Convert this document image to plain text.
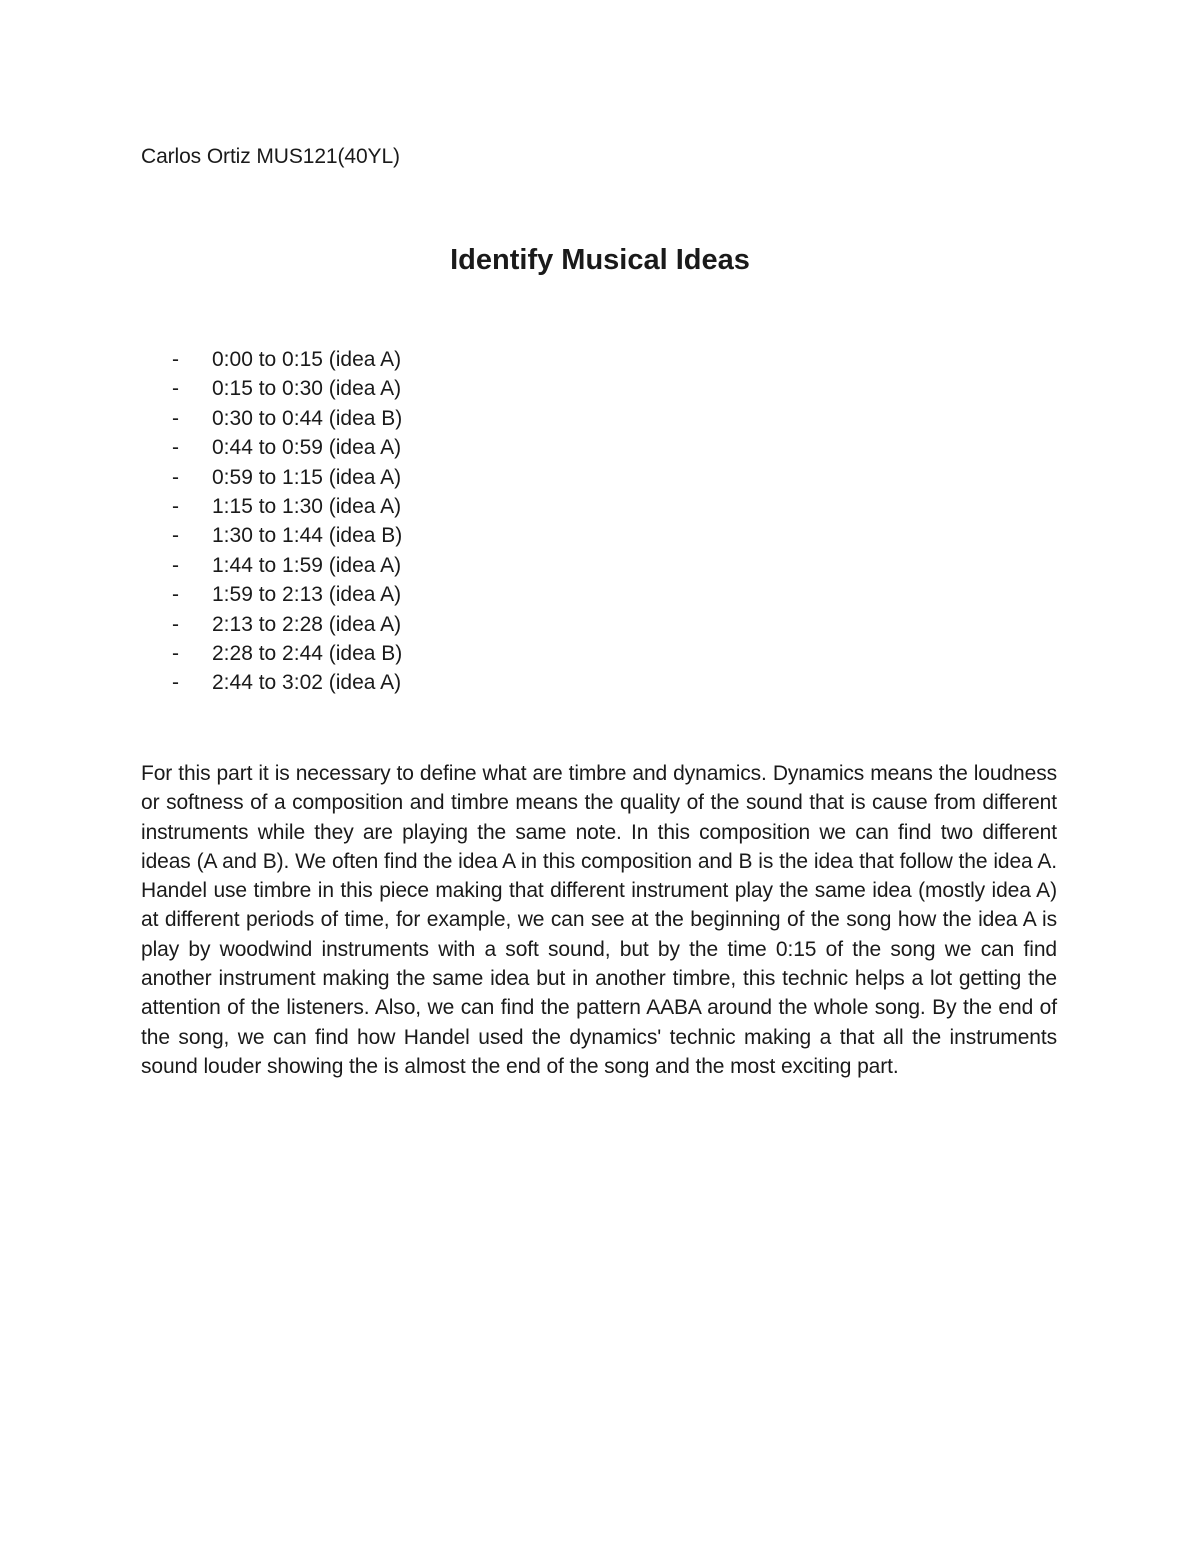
Carlos Ortiz MUS121(40YL)
Identify Musical Ideas
- 0:00 to 0:15 (idea A)
- 0:15 to 0:30 (idea A)
- 0:30 to 0:44 (idea B)
- 0:44 to 0:59 (idea A)
- 0:59 to 1:15 (idea A)
- 1:15 to 1:30 (idea A)
- 1:30 to 1:44 (idea B)
- 1:44 to 1:59 (idea A)
- 1:59 to 2:13 (idea A)
- 2:13 to 2:28 (idea A)
- 2:28 to 2:44 (idea B)
- 2:44 to 3:02 (idea A)

For this part it is necessary to define what are timbre and dynamics. Dynamics means the loudness or softness of a composition and timbre means the quality of the sound that is cause from different instruments while they are playing the same note. In this composition we can find two different ideas (A and B). We often find the idea A in this composition and B is the idea that follow the idea A. Handel use timbre in this piece making that different instrument play the same idea (mostly idea A) at different periods of time, for example, we can see at the beginning of the song how the idea A is play by woodwind instruments with a soft sound, but by the time 0:15 of the song we can find another instrument making the same idea but in another timbre, this technic helps a lot getting the attention of the listeners. Also, we can find the pattern AABA around the whole song. By the end of the song, we can find how Handel used the dynamics' technic making a that all the instruments sound louder showing the is almost the end of the song and the most exciting part.
